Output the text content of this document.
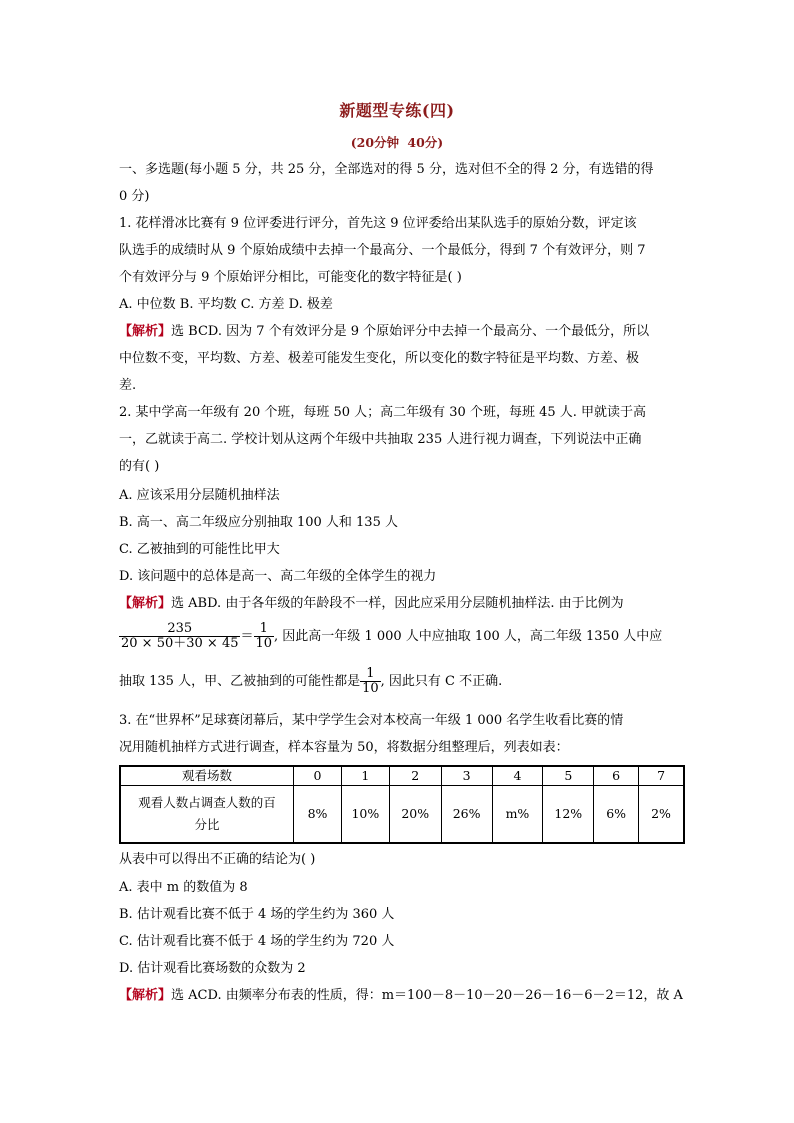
新题型专练(四)
(20分钟 40分)
一、多选题(每小题 5 分，共 25 分，全部选对的得 5 分，选对但不全的得 2 分，有选错的得
0 分)
1. 花样滑冰比赛有 9 位评委进行评分，首先这 9 位评委给出某队选手的原始分数，评定该
队选手的成绩时从 9 个原始成绩中去掉一个最高分、一个最低分，得到 7 个有效评分，则 7
个有效评分与 9 个原始评分相比，可能变化的数字特征是( )
A. 中位数 B. 平均数 C. 方差 D. 极差
【解析】选 BCD. 因为 7 个有效评分是 9 个原始评分中去掉一个最高分、一个最低分，所以
中位数不变，平均数、方差、极差可能发生变化，所以变化的数字特征是平均数、方差、极
差.
2. 某中学高一年级有 20 个班，每班 50 人；高二年级有 30 个班，每班 45 人. 甲就读于高
一，乙就读于高二. 学校计划从这两个年级中共抽取 235 人进行视力调查，下列说法中正确
的有( )
A. 应该采用分层随机抽样法
B. 高一、高二年级应分别抽取 100 人和 135 人
C. 乙被抽到的可能性比甲大
D. 该问题中的总体是高一、高二年级的全体学生的视力
【解析】选 ABD. 由于各年级的年龄段不一样，因此应采用分层随机抽样法. 由于比例为
$\frac{235}{20 \times 50+30 \times 45} = \frac{1}{10}$ , 因此高一年级 1 000 人中应抽取 100 人，高二年级 1350 人中应
抽取 135 人，甲、乙被抽到的可能性都是 $\frac{1}{10}$ , 因此只有 C 不正确.
3. 在“世界杯”足球赛闭幕后，某中学学生会对本校高一年级 1 000 名学生收看比赛的情
况用随机抽样方式进行调查，样本容量为 50，将数据分组整理后，列表如表：
观看场数	0	1	2	3	4	5	6	7

观看人数占调查人数的百
分比	8%	10%	20%	26%	m%	12%	6%	2%
从表中可以得出不正确的结论为( )
A. 表中 m 的数值为 8
B. 估计观看比赛不低于 4 场的学生约为 360 人
C. 估计观看比赛不低于 4 场的学生约为 720 人
D. 估计观看比赛场数的众数为 2
【解析】选 ACD. 由频率分布表的性质，得：m＝100－8－10－20－26－16－6－2＝12，故 A
